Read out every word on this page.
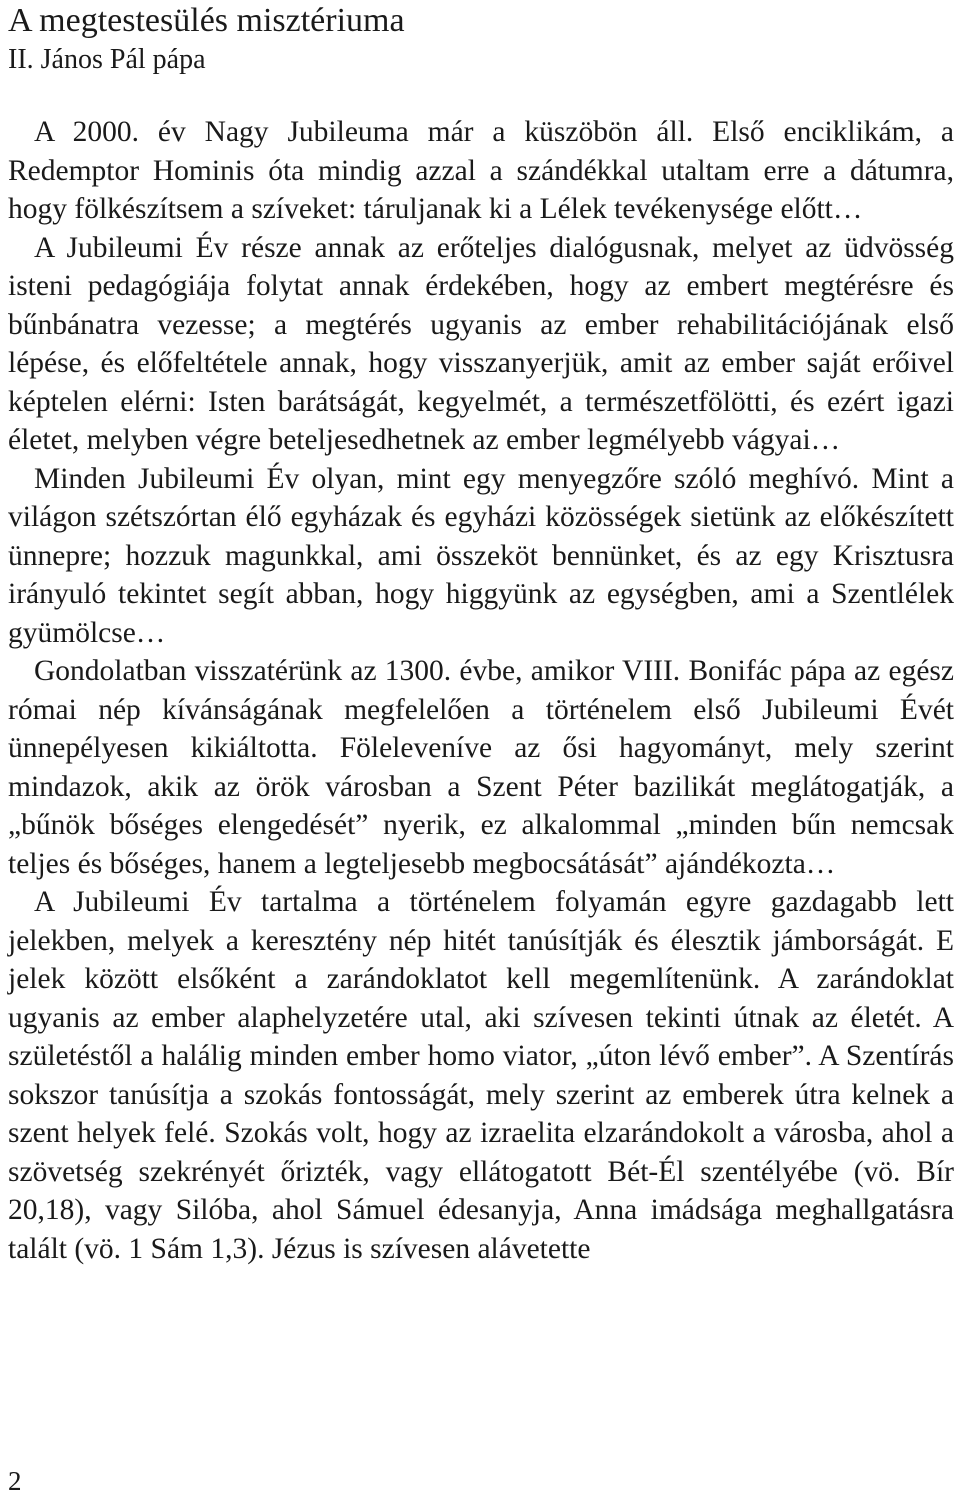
A megtestesülés misztériuma
II. János Pál pápa

A 2000. év Nagy Jubileuma már a küszöbön áll. Első enciklikám, a Redemptor Hominis óta mindig azzal a szándékkal utaltam erre a dátumra, hogy fölkészítsem a szíveket: táruljanak ki a Lélek tevékenysége előtt…

A Jubileumi Év része annak az erőteljes dialógusnak, melyet az üdvösség isteni pedagógiája folytat annak érdekében, hogy az embert megtérésre és bűnbánatra vezesse; a megtérés ugyanis az ember rehabilitációjának első lépése, és előfeltétele annak, hogy visszanyerjük, amit az ember saját erőivel képtelen elérni: Isten barátságát, kegyelmét, a természetfölötti, és ezért igazi életet, melyben végre beteljesedhetnek az ember legmélyebb vágyai…

Minden Jubileumi Év olyan, mint egy menyegzőre szóló meghívó. Mint a világon szétszórtan élő egyházak és egyházi közösségek sietünk az előkészített ünnepre; hozzuk magunkkal, ami összeköt bennünket, és az egy Krisztusra irányuló tekintet segít abban, hogy higgyünk az egységben, ami a Szentlélek gyümölcse…

Gondolatban visszatérünk az 1300. évbe, amikor VIII. Bonifác pápa az egész római nép kívánságának megfelelően a történelem első Jubileumi Évét ünnepélyesen kikiáltotta. Föleleveníve az ősi hagyományt, mely szerint mindazok, akik az örök városban a Szent Péter bazilikát meglátogatják, a „bűnök bőséges elengedését” nyerik, ez alkalommal „minden bűn nemcsak teljes és bőséges, hanem a legteljesebb megbocsátását” ajándékozta…

A Jubileumi Év tartalma a történelem folyamán egyre gazdagabb lett jelekben, melyek a keresztény nép hitét tanúsítják és élesztik jámborságát. E jelek között elsőként a zarándoklatot kell megemlítenünk. A zarándoklat ugyanis az ember alaphelyzetére utal, aki szívesen tekinti útnak az életét. A születéstől a halálig minden ember homo viator, „úton lévő ember”. A Szentírás sokszor tanúsítja a szokás fontosságát, mely szerint az emberek útra kelnek a szent helyek felé. Szokás volt, hogy az izraelita elzarándokolt a városba, ahol a szövetség szekrényét őrizték, vagy ellátogatott Bét-Él szentélyébe (vö. Bír 20,18), vagy Silóba, ahol Sámuel édesanyja, Anna imádsága meghallgatásra talált (vö. 1 Sám 1,3). Jézus is szívesen alávetette

2
